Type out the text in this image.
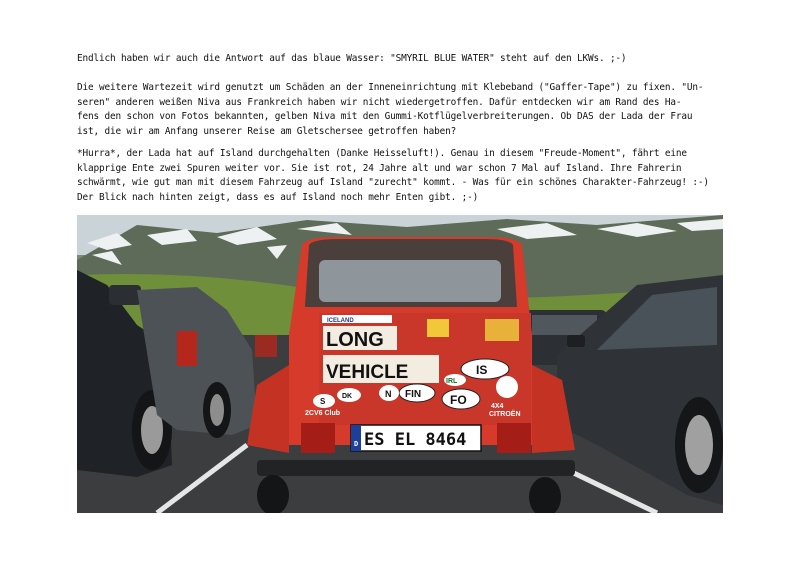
Endlich haben wir auch die Antwort auf das blaue Wasser: "SMYRIL BLUE WATER" steht auf den LKWs. ;-)

Die weitere Wartezeit wird genutzt um Schäden an der Inneneinrichtung mit Klebeband ("Gaffer-Tape") zu fixen. "Un-
seren" anderen weißen Niva aus Frankreich haben wir nicht wiedergetroffen. Dafür entdecken wir am Rand des Ha-
fens den schon von Fotos bekannten, gelben Niva mit den Gummi-Kotflügelverbreiterungen. Ob DAS der Lada der Frau
ist, die wir am Anfang unserer Reise am Gletschersee getroffen haben?

*Hurra*, der Lada hat auf Island durchgehalten (Danke Heisseluft!). Genau in diesem "Freude-Moment", fährt eine
klapprige Ente zwei Spuren weiter vor. Sie ist rot, 24 Jahre alt und war schon 7 Mal auf Island. Ihre Fahrerin
schwärmt, wie gut man mit diesem Fahrzeug auf Island "zurecht" kommt. - Was für ein schönes Charakter-Fahrzeug! :-)
Der Blick nach hinten zeigt, dass es auf Island noch mehr Enten gibt. ;-)

ICELAND
LONG
VEHICLE	IS
FIN
N	FO
IRL
S
DK
2CV6 Club
4X4
CITROËN
D ES EL 8464
